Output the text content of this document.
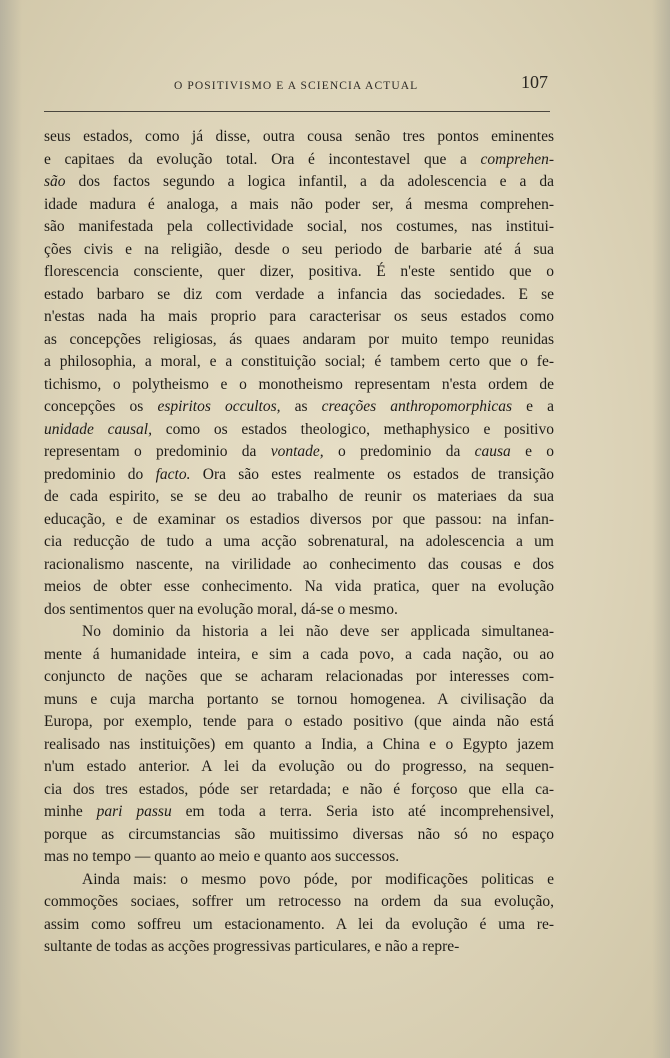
O POSITIVISMO E A SCIENCIA ACTUAL	107
seus estados, como já disse, outra cousa senão tres pontos eminentes
e capitaes da evolução total. Ora é incontestavel que a comprehen-
são dos factos segundo a logica infantil, a da adolescencia e a da
idade madura é analoga, a mais não poder ser, á mesma comprehen-
são manifestada pela collectividade social, nos costumes, nas institui-
ções civis e na religião, desde o seu periodo de barbarie até á sua
florescencia consciente, quer dizer, positiva. É n'este sentido que o
estado barbaro se diz com verdade a infancia das sociedades. E se
n'estas nada ha mais proprio para caracterisar os seus estados como
as concepções religiosas, ás quaes andaram por muito tempo reunidas
a philosophia, a moral, e a constituição social; é tambem certo que o fe-
tichismo, o polytheismo e o monotheismo representam n'esta ordem de
concepções os espiritos occultos, as creações anthropomorphicas e a
unidade causal, como os estados theologico, methaphysico e positivo
representam o predominio da vontade, o predominio da causa e o
predominio do facto. Ora são estes realmente os estados de transição
de cada espirito, se se deu ao trabalho de reunir os materiaes da sua
educação, e de examinar os estadios diversos por que passou: na infan-
cia reducção de tudo a uma acção sobrenatural, na adolescencia a um
racionalismo nascente, na virilidade ao conhecimento das cousas e dos
meios de obter esse conhecimento. Na vida pratica, quer na evolução
dos sentimentos quer na evolução moral, dá-se o mesmo.
No dominio da historia a lei não deve ser applicada simultanea-
mente á humanidade inteira, e sim a cada povo, a cada nação, ou ao
conjuncto de nações que se acharam relacionadas por interesses com-
muns e cuja marcha portanto se tornou homogenea. A civilisação da
Europa, por exemplo, tende para o estado positivo (que ainda não está
realisado nas instituições) em quanto a India, a China e o Egypto jazem
n'um estado anterior. A lei da evolução ou do progresso, na sequen-
cia dos tres estados, póde ser retardada; e não é forçoso que ella ca-
minhe pari passu em toda a terra. Seria isto até incomprehensivel,
porque as circumstancias são muitissimo diversas não só no espaço
mas no tempo — quanto ao meio e quanto aos successos.
Ainda mais: o mesmo povo póde, por modificações politicas e
commoções sociaes, soffrer um retrocesso na ordem da sua evolução,
assim como soffreu um estacionamento. A lei da evolução é uma re-
sultante de todas as acções progressivas particulares, e não a repre-
